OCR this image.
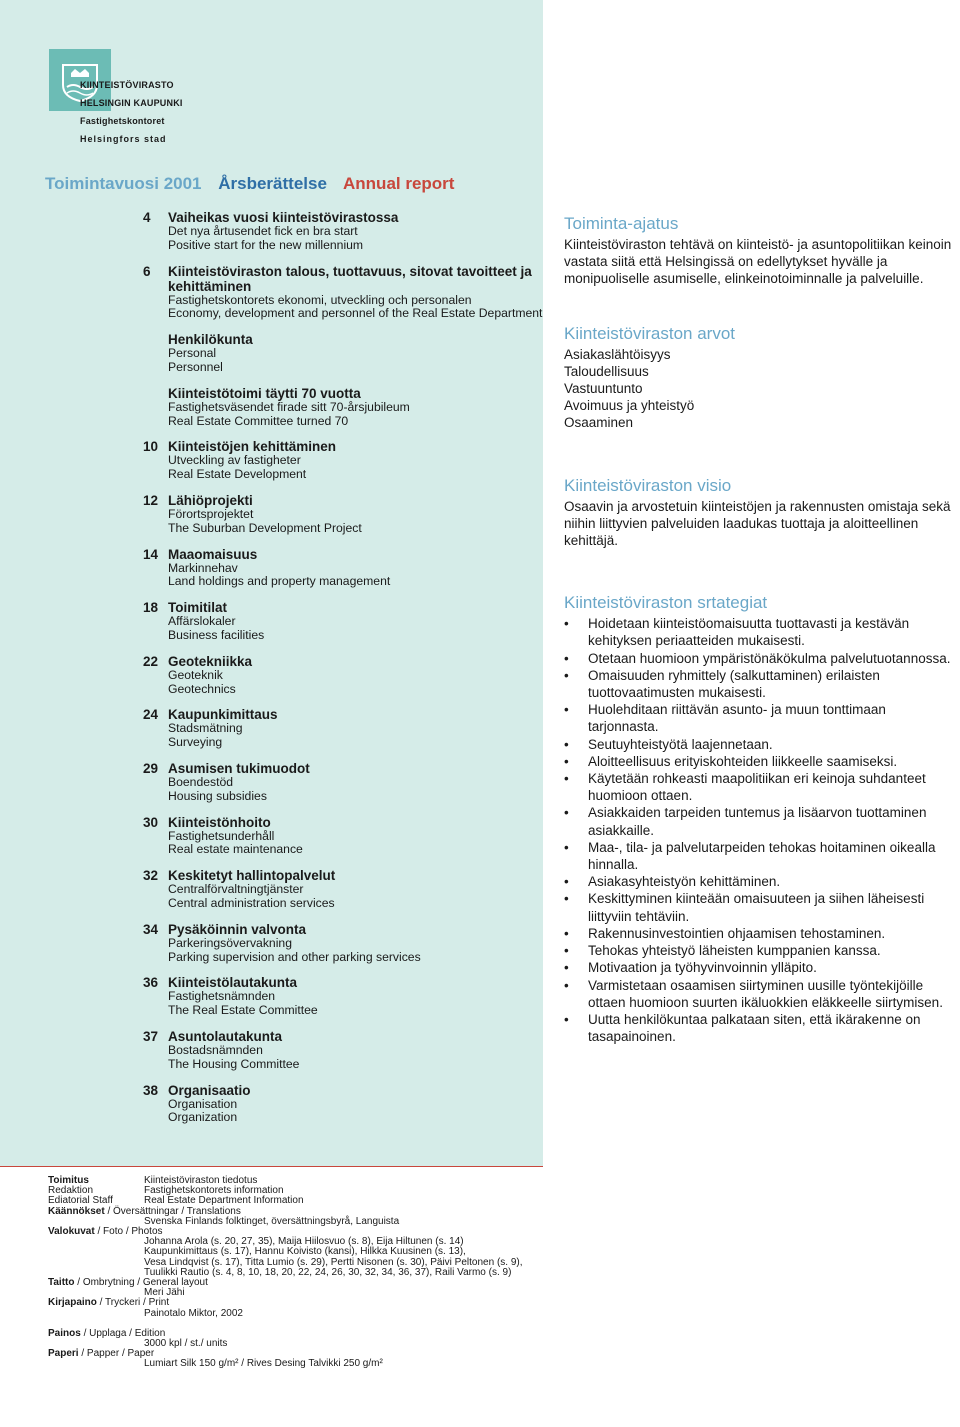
KIINTEISTÖVIRASTO
HELSINGIN KAUPUNKI
Fastighetskontoret
Helsingfors stad
Toimintavuosi 2001 Årsberättelse Annual report
4	Vaiheikas vuosi kiinteistövirastossa
Det nya årtusendet fick en bra start
Positive start for the new millennium
6	Kiinteistöviraston talous, tuottavuus, sitovat tavoitteet ja kehittäminen
Fastighetskontorets ekonomi, utveckling och personalen
Economy, development and personnel of the Real Estate Department
Henkilökunta
Personal
Personnel
Kiinteistötoimi täytti 70 vuotta
Fastighetsväsendet firade sitt 70-årsjubileum
Real Estate Committee turned 70
10 Kiinteistöjen kehittäminen
Utveckling av fastigheter
Real Estate Development
12 Lähiöprojekti
Förortsprojektet
The Suburban Development Project
14 Maaomaisuus
Markinnehav
Land holdings and property management
18 Toimitilat
Affärslokaler
Business facilities
22 Geotekniikka
Geoteknik
Geotechnics
24 Kaupunkimittaus
Stadsmätning
Surveying
29 Asumisen tukimuodot
Boendestöd
Housing subsidies
30 Kiinteistönhoito
Fastighetsunderhåll
Real estate maintenance
32 Keskitetyt hallintopalvelut
Centralförvaltningtjänster
Central administration services
34 Pysäköinnin valvonta
Parkeringsövervakning
Parking supervision and other parking services
36 Kiinteistölautakunta
Fastighetsnämnden
The Real Estate Committee
37 Asuntolautakunta
Bostadsnämnden
The Housing Committee
38 Organisaatio
Organisation
Organization
Toiminta-ajatus
Kiinteistöviraston tehtävä on kiinteistö- ja asuntopolitiikan keinoin vastata siitä että Helsingissä on edellytykset hyvälle ja monipuoliselle asumiselle, elinkeinotoiminnalle ja palveluille.
Kiinteistöviraston arvot
Asiakaslähtöisyys
Taloudellisuus
Vastuuntunto
Avoimuus ja yhteistyö
Osaaminen
Kiinteistöviraston visio
Osaavin ja arvostetuin kiinteistöjen ja rakennusten omistaja sekä niihin liittyvien palveluiden laadukas tuottaja ja aloitteellinen kehittäjä.
Kiinteistöviraston srtategiat
• Hoidetaan kiinteistöomaisuutta tuottavasti ja kestävän kehityksen periaatteiden mukaisesti.
• Otetaan huomioon ympäristönäkökulma palvelutuotannossa.
• Omaisuuden ryhmittely (salkuttaminen) erilaisten tuottovaatimusten mukaisesti.
• Huolehditaan riittävän asunto- ja muun tonttimaan tarjonnasta.
• Seutuyhteistyötä laajennetaan.
• Aloitteellisuus erityiskohteiden liikkeelle saamiseksi.
• Käytetään rohkeasti maapolitiikan eri keinoja suhdanteet huomioon ottaen.
• Asiakkaiden tarpeiden tuntemus ja lisäarvon tuottaminen asiakkaille.
• Maa-, tila- ja palvelutarpeiden tehokas hoitaminen oikealla hinnalla.
• Asiakasyhteistyön kehittäminen.
• Keskittyminen kiinteään omaisuuteen ja siihen läheisesti liittyviin tehtäviin.
• Rakennusinvestointien ohjaamisen tehostaminen.
• Tehokas yhteistyö läheisten kumppanien kanssa.
• Motivaation ja työhyvinvoinnin ylläpito.
• Varmistetaan osaamisen siirtyminen uusille työntekijöille ottaen huomioon suurten ikäluokkien eläkkeelle siirtymisen.
• Uutta henkilökuntaa palkataan siten, että ikärakenne on tasapainoinen.
Toimitus	Kiinteistöviraston tiedotus
Redaktion	Fastighetskontorets information
Ediatorial Staff	Real Estate Department Information
Käännökset / Översättningar / Translations
Svenska Finlands folktinget, översättningsbyrå, Languista
Valokuvat / Foto / Photos
Johanna Arola (s. 20, 27, 35), Maija Hiilosvuo (s. 8), Eija Hiltunen (s. 14)
Kaupunkimittaus (s. 17), Hannu Koivisto (kansi), Hilkka Kuusinen (s. 13),
Vesa Lindqvist (s. 17), Titta Lumio (s. 29), Pertti Nisonen (s. 30), Päivi Peltonen (s. 9),
Tuulikki Rautio (s. 4, 8, 10, 18, 20, 22, 24, 26, 30, 32, 34, 36, 37), Raili Varmo (s. 9)
Taitto / Ombrytning / General layout
Meri Jähi
Kirjapaino / Tryckeri / Print
Painotalo Miktor, 2002
Painos / Upplaga / Edition
3000 kpl / st./ units
Paperi / Papper / Paper
Lumiart Silk 150 g/m² / Rives Desing Talvikki 250 g/m²
